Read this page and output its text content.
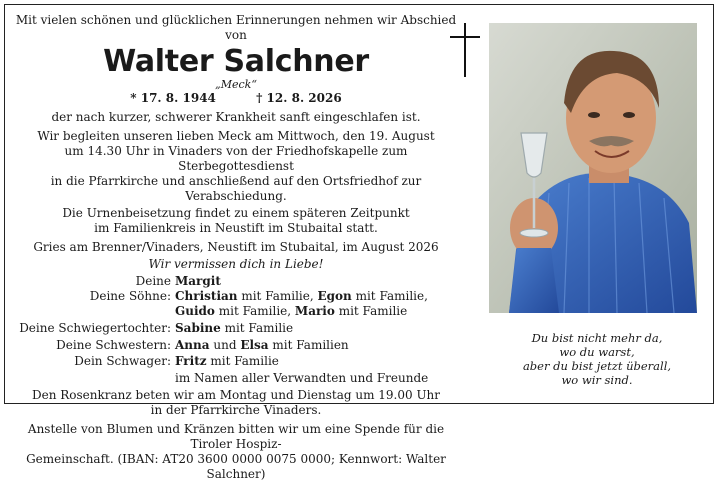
Mit vielen schönen und glücklichen Erinnerungen nehmen wir Abschied von
Walter Salchner
„Meck“
* 17. 8. 1944	† 12. 8. 2026
der nach kurzer, schwerer Krankheit sanft eingeschlafen ist.
Wir begleiten unseren lieben Meck am Mittwoch, den 19. August
um 14.30 Uhr in Vinaders von der Friedhofskapelle zum Sterbegottesdienst
in die Pfarrkirche und anschließend auf den Ortsfriedhof zur Verabschiedung.
Die Urnenbeisetzung findet zu einem späteren Zeitpunkt
im Familienkreis in Neustift im Stubaital statt.
Gries am Brenner/Vinaders, Neustift im Stubaital, im August 2026
Wir vermissen dich in Liebe!
Deine Margit
Deine Söhne: Christian mit Familie, Egon mit Familie,
Guido mit Familie, Mario mit Familie
Deine Schwiegertochter: Sabine mit Familie
Deine Schwestern: Anna und Elsa mit Familien
Dein Schwager: Fritz mit Familie
im Namen aller Verwandten und Freunde
Den Rosenkranz beten wir am Montag und Dienstag um 19.00 Uhr
in der Pfarrkirche Vinaders.
Anstelle von Blumen und Kränzen bitten wir um eine Spende für die Tiroler Hospiz-
Gemeinschaft. (IBAN: AT20 3600 0000 0075 0000; Kennwort: Walter Salchner)
Du bist nicht mehr da,
wo du warst,
aber du bist jetzt überall,
wo wir sind.
